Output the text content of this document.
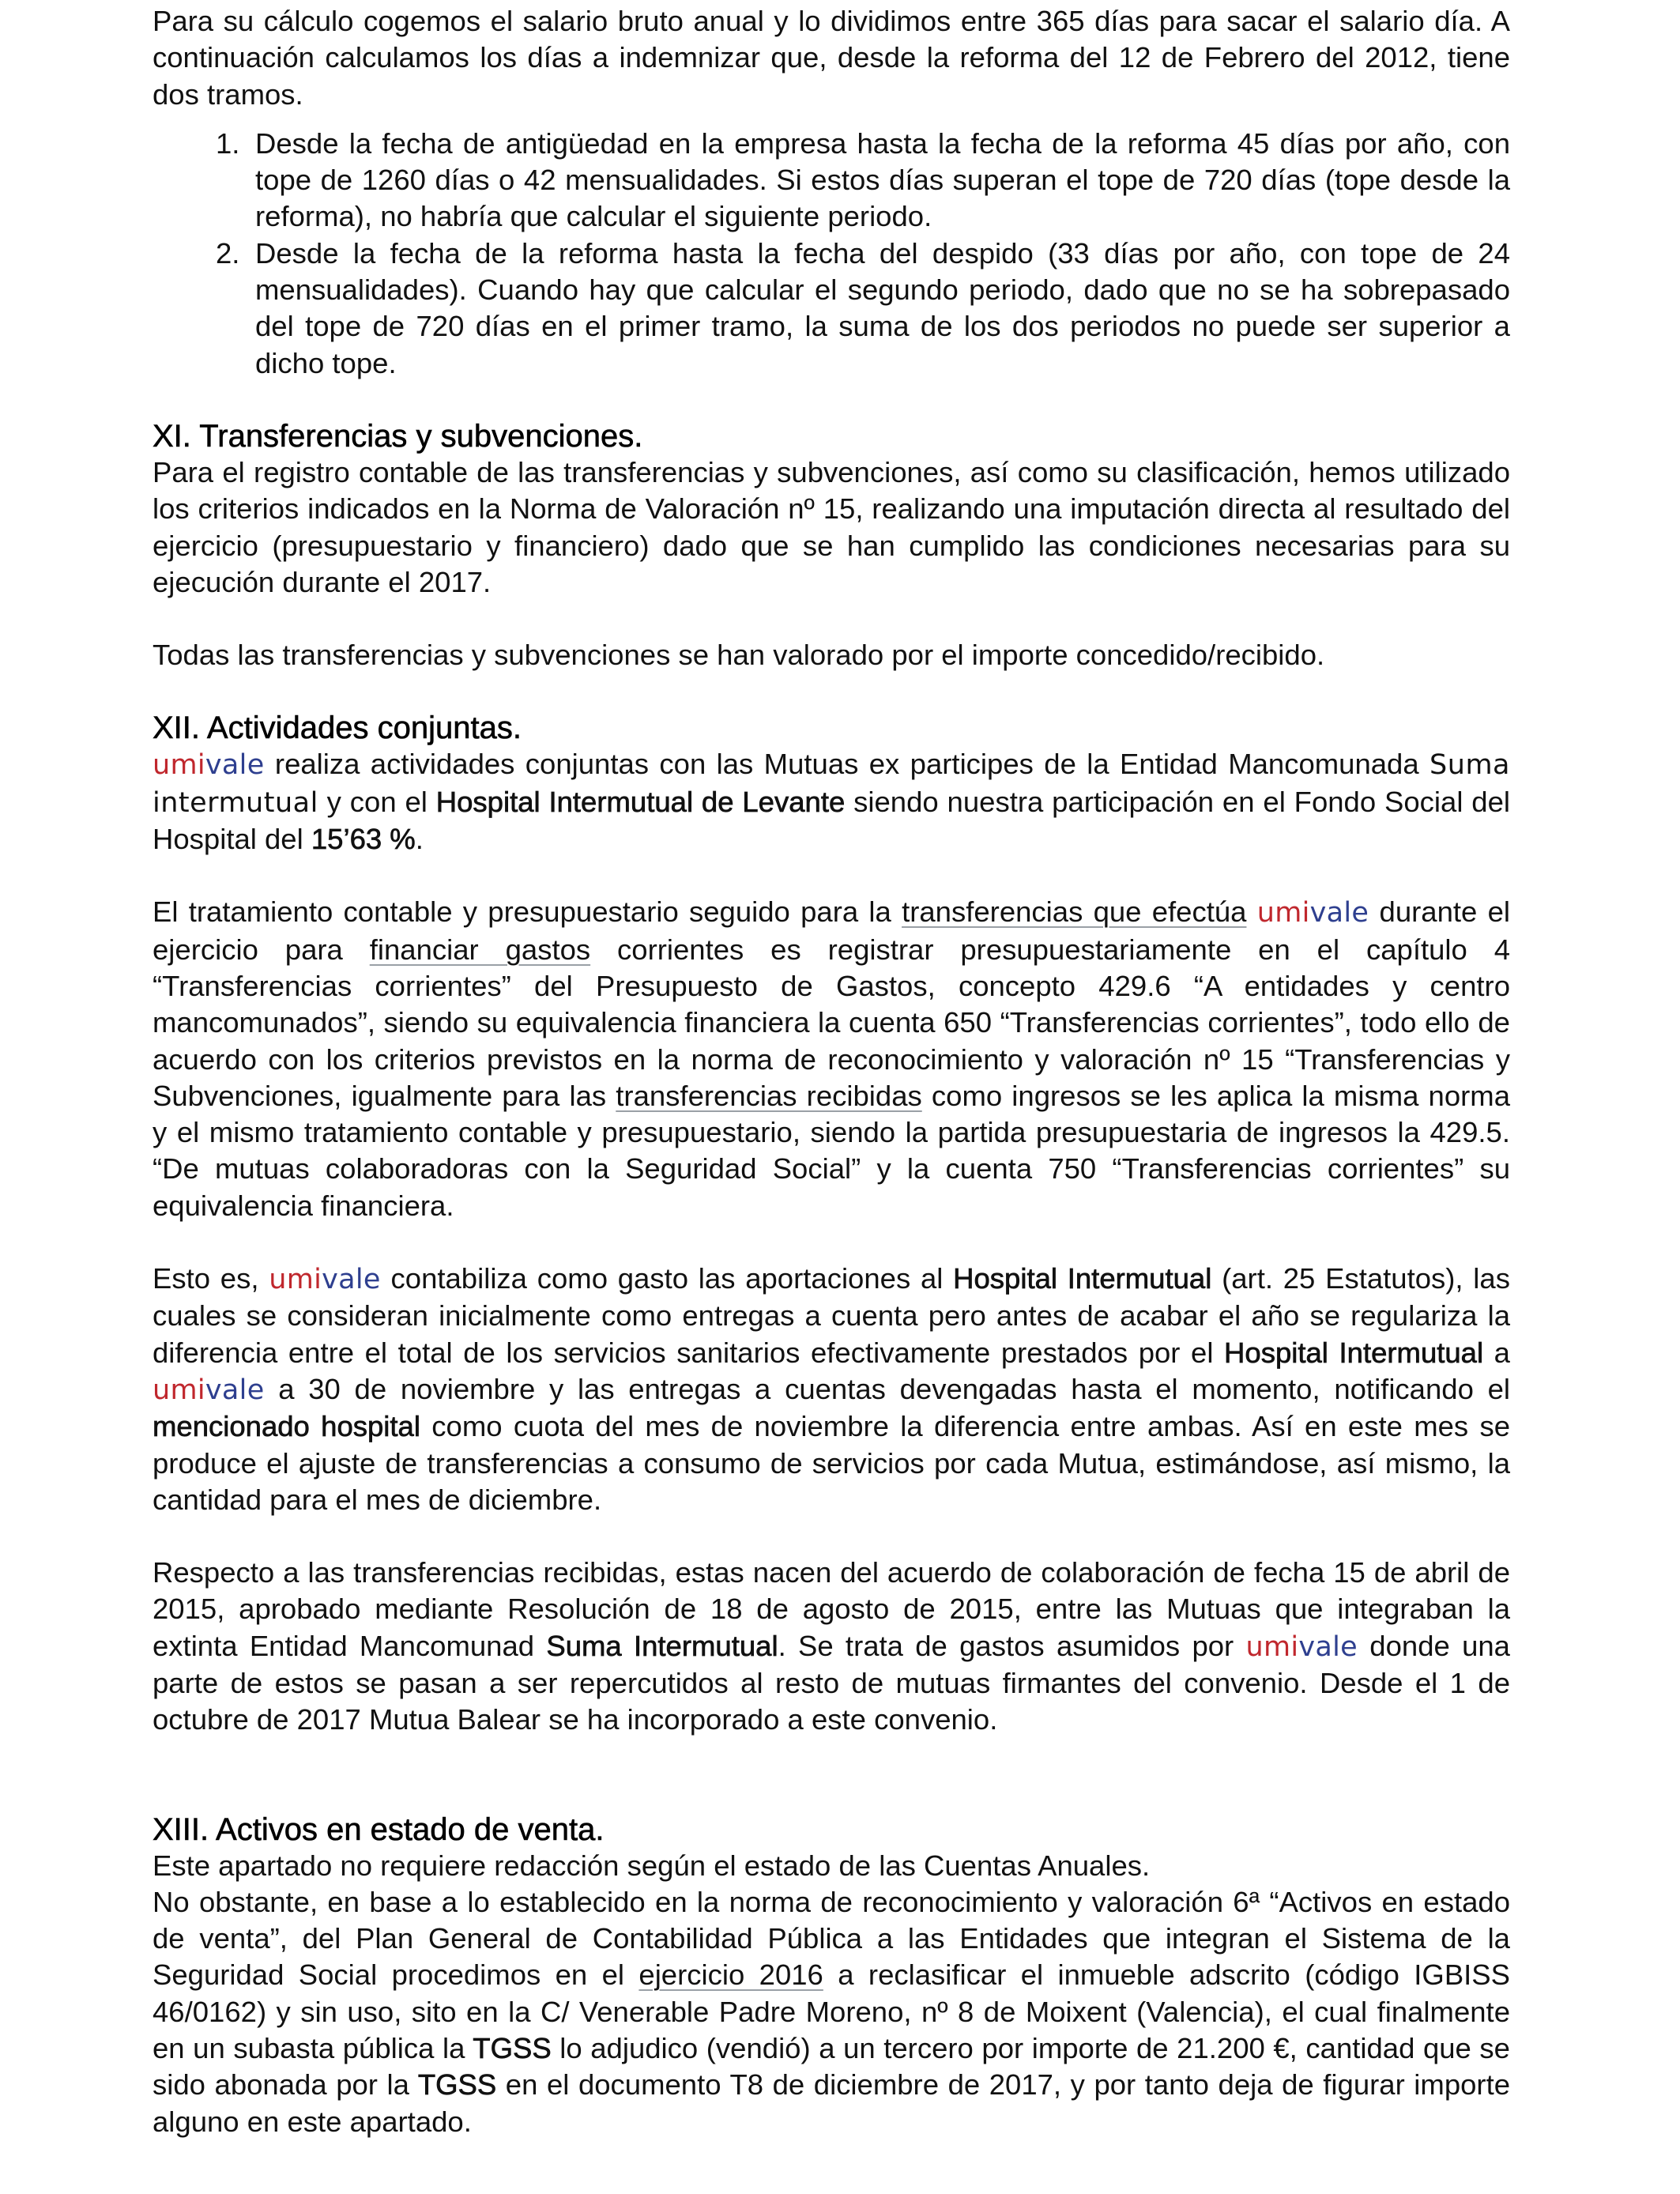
Para su cálculo cogemos el salario bruto anual y lo dividimos entre 365 días para sacar el salario día. A continuación calculamos los días a indemnizar que, desde la reforma del 12 de Febrero del 2012, tiene dos tramos.

1. Desde la fecha de antigüedad en la empresa hasta la fecha de la reforma 45 días por año, con tope de 1260 días o 42 mensualidades. Si estos días superan el tope de 720 días (tope desde la reforma), no habría que calcular el siguiente periodo.
2. Desde la fecha de la reforma hasta la fecha del despido (33 días por año, con tope de 24 mensualidades). Cuando hay que calcular el segundo periodo, dado que no se ha sobrepasado del tope de 720 días en el primer tramo, la suma de los dos periodos no puede ser superior a dicho tope.
XI. Transferencias y subvenciones.

Para el registro contable de las transferencias y subvenciones, así como su clasificación, hemos utilizado los criterios indicados en la Norma de Valoración nº 15, realizando una imputación directa al resultado del ejercicio (presupuestario y financiero) dado que se han cumplido las condiciones necesarias para su ejecución durante el 2017.

Todas las transferencias y subvenciones se han valorado por el importe concedido/recibido.

XII. Actividades conjuntas.

umivale realiza actividades conjuntas con las Mutuas ex participes de la Entidad Mancomunada Suma intermutual y con el Hospital Intermutual de Levante siendo nuestra participación en el Fondo Social del Hospital del 15’63 %.

El tratamiento contable y presupuestario seguido para la transferencias que efectúa umivale durante el ejercicio para financiar gastos corrientes es registrar presupuestariamente en el capítulo 4 “Transferencias corrientes” del Presupuesto de Gastos, concepto 429.6 “A entidades y centro mancomunados”, siendo su equivalencia financiera la cuenta 650 “Transferencias corrientes”, todo ello de acuerdo con los criterios previstos en la norma de reconocimiento y valoración nº 15 “Transferencias y Subvenciones, igualmente para las transferencias recibidas como ingresos se les aplica la misma norma y el mismo tratamiento contable y presupuestario, siendo la partida presupuestaria de ingresos la 429.5. “De mutuas colaboradoras con la Seguridad Social” y la cuenta 750 “Transferencias corrientes” su equivalencia financiera.

Esto es, umivale contabiliza como gasto las aportaciones al Hospital Intermutual (art. 25 Estatutos), las cuales se consideran inicialmente como entregas a cuenta pero antes de acabar el año se regulariza la diferencia entre el total de los servicios sanitarios efectivamente prestados por el Hospital Intermutual a umivale a 30 de noviembre y las entregas a cuentas devengadas hasta el momento, notificando el mencionado hospital como cuota del mes de noviembre la diferencia entre ambas. Así en este mes se produce el ajuste de transferencias a consumo de servicios por cada Mutua, estimándose, así mismo, la cantidad para el mes de diciembre.

Respecto a las transferencias recibidas, estas nacen del acuerdo de colaboración de fecha 15 de abril de 2015, aprobado mediante Resolución de 18 de agosto de 2015, entre las Mutuas que integraban la extinta Entidad Mancomunad Suma Intermutual. Se trata de gastos asumidos por umivale donde una parte de estos se pasan a ser repercutidos al resto de mutuas firmantes del convenio. Desde el 1 de octubre de 2017 Mutua Balear se ha incorporado a este convenio.

XIII. Activos en estado de venta.

Este apartado no requiere redacción según el estado de las Cuentas Anuales.

No obstante, en base a lo establecido en la norma de reconocimiento y valoración 6ª “Activos en estado de venta”, del Plan General de Contabilidad Pública a las Entidades que integran el Sistema de la Seguridad Social procedimos en el ejercicio 2016 a reclasificar el inmueble adscrito (código IGBISS 46/0162) y sin uso, sito en la C/ Venerable Padre Moreno, nº 8 de Moixent (Valencia), el cual finalmente en un subasta pública la TGSS lo adjudico (vendió) a un tercero por importe de 21.200 €, cantidad que se sido abonada por la TGSS en el documento T8 de diciembre de 2017, y por tanto deja de figurar importe alguno en este apartado.
